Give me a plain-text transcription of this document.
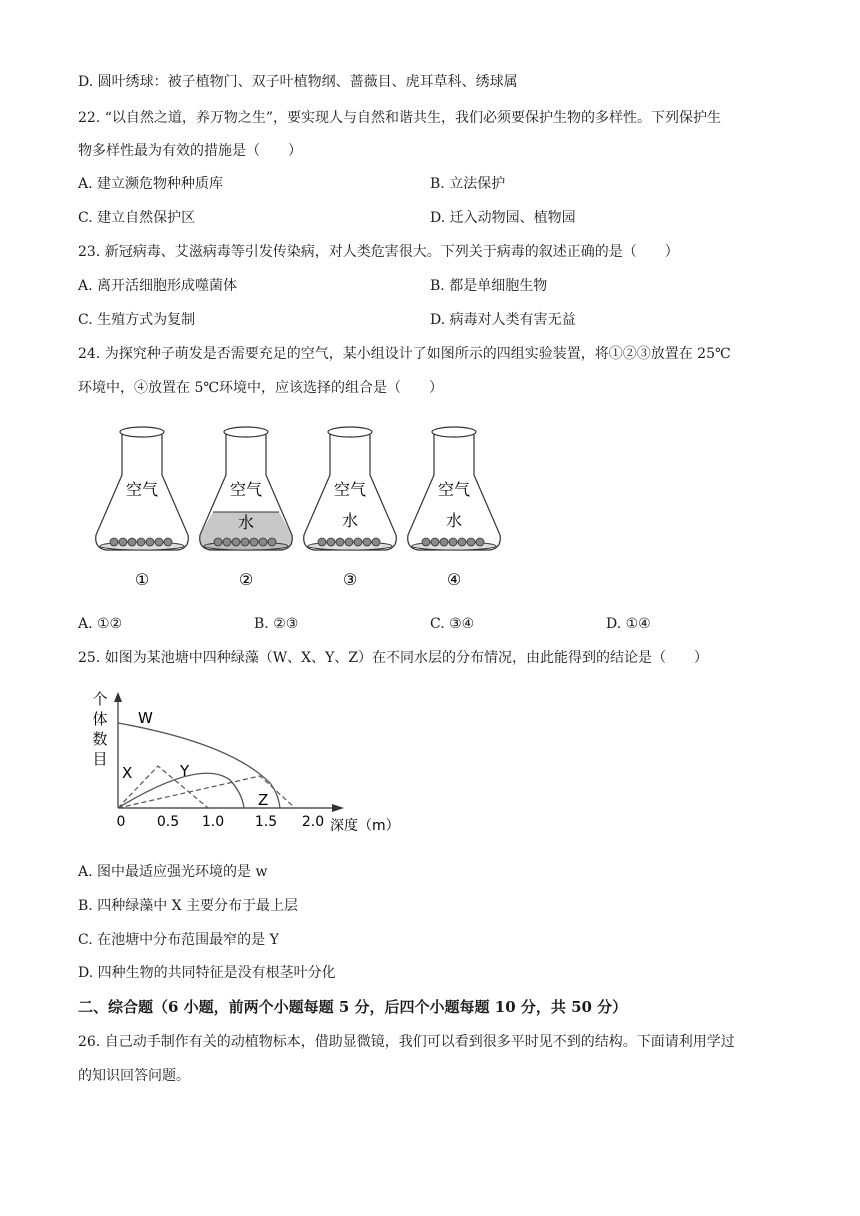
D. 圆叶绣球：被子植物门、双子叶植物纲、蔷薇目、虎耳草科、绣球属
22. “以自然之道，养万物之生”，要实现人与自然和谐共生，我们必须要保护生物的多样性。下列保护生
物多样性最为有效的措施是（　　）
A. 建立濒危物种种质库	B. 立法保护
C. 建立自然保护区	D. 迁入动物园、植物园
23. 新冠病毒、艾滋病毒等引发传染病，对人类危害很大。下列关于病毒的叙述正确的是（　　）
A. 离开活细胞形成噬菌体	B. 都是单细胞生物
C. 生殖方式为复制	D. 病毒对人类有害无益
24. 为探究种子萌发是否需要充足的空气，某小组设计了如图所示的四组实验装置，将①②③放置在 25℃
环境中，④放置在 5℃环境中，应该选择的组合是（　　）
空气
①
空气
水
②
空气
水
③
空气
水
④
A. ①②	B. ②③	C. ③④	D. ①④
25. 如图为某池塘中四种绿藻（W、X、Y、Z）在不同水层的分布情况，由此能得到的结论是（　　）
个
体
数
目
W
X	Y
Z
0 0.5 1.0 1.5 2.0 深度（m）
A. 图中最适应强光环境的是 w
B. 四种绿藻中 X 主要分布于最上层
C. 在池塘中分布范围最窄的是 Y
D. 四种生物的共同特征是没有根茎叶分化
二、综合题（6 小题，前两个小题每题 5 分，后四个小题每题 10 分，共 50 分）
26. 自己动手制作有关的动植物标本，借助显微镜，我们可以看到很多平时见不到的结构。下面请利用学过
的知识回答问题。
